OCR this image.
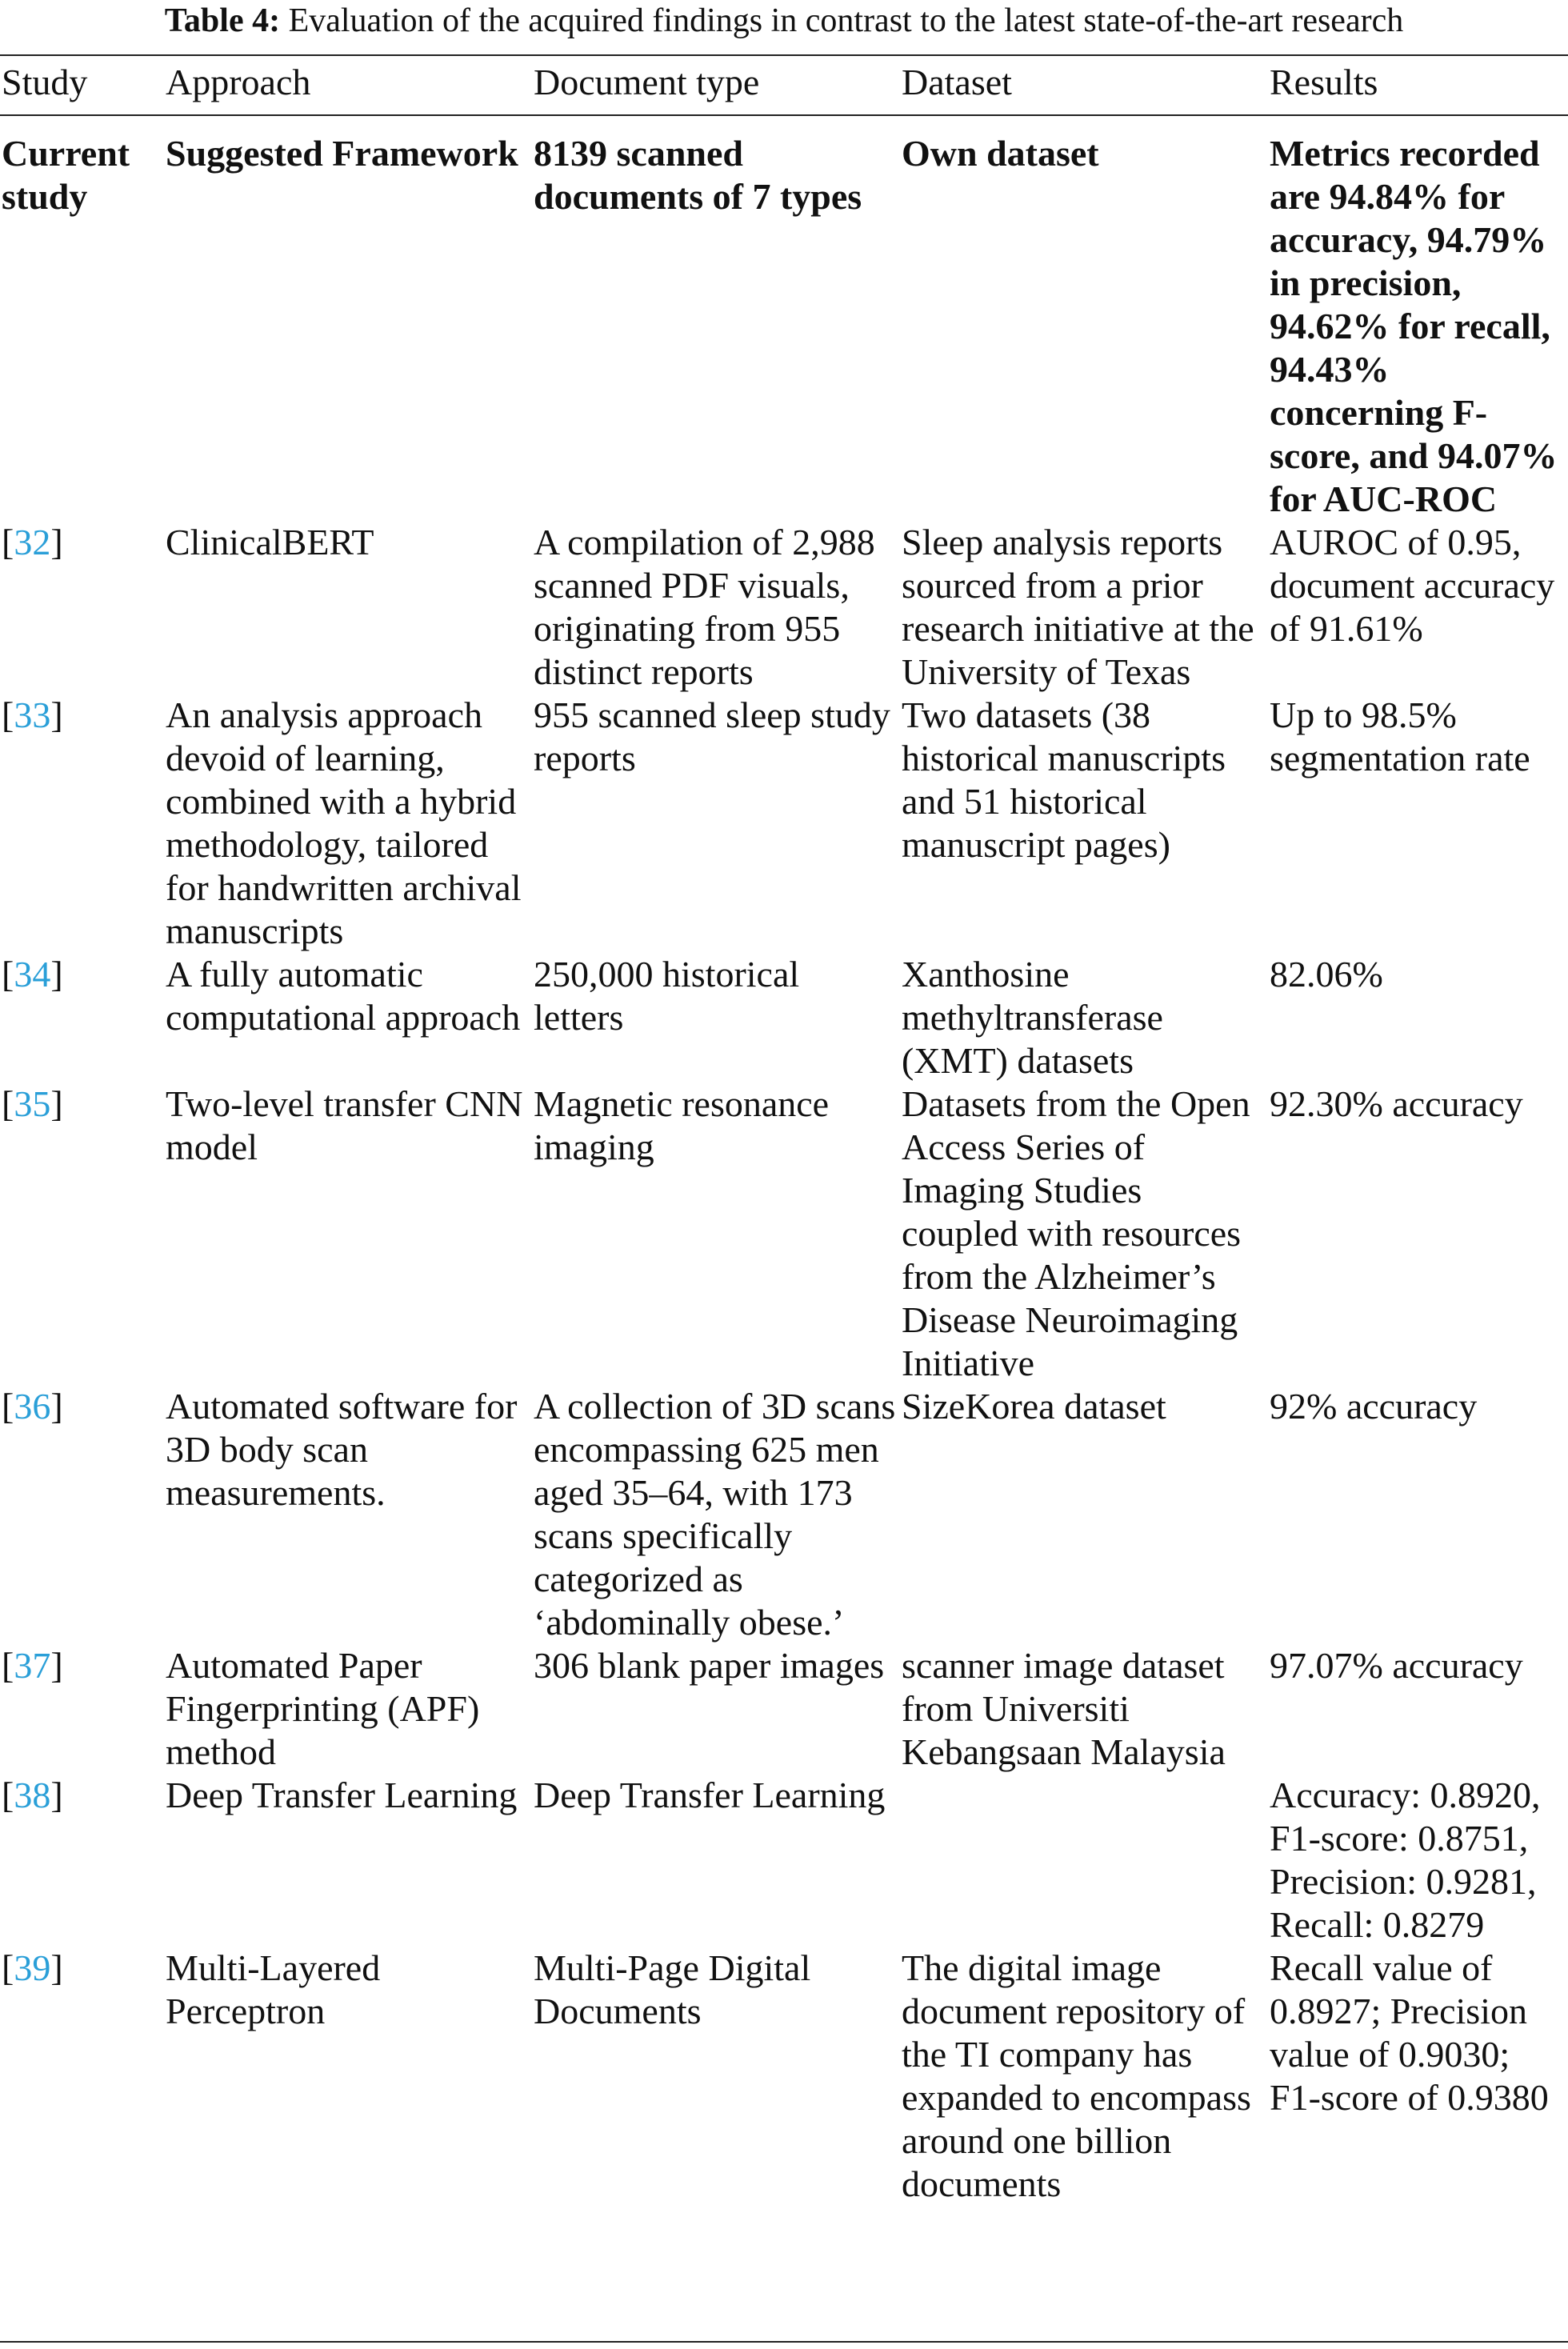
Table 4: Evaluation of the acquired findings in contrast to the latest state-of-the-art research
Study	Approach	Document type	Dataset	Results
Current study	Suggested Framework	8139 scanned documents of 7 types	Own dataset	Metrics recorded are 94.84% for accuracy, 94.79% in precision, 94.62% for recall, 94.43% concerning F-score, and 94.07% for AUC-ROC
[32]	ClinicalBERT	A compilation of 2,988 scanned PDF visuals, originating from 955 distinct reports	Sleep analysis reports sourced from a prior research initiative at the University of Texas	AUROC of 0.95, document accuracy of 91.61%
[33]	An analysis approach devoid of learning, combined with a hybrid methodology, tailored for handwritten archival manuscripts	955 scanned sleep study reports	Two datasets (38 historical manuscripts and 51 historical manuscript pages)	Up to 98.5% segmentation rate
[34]	A fully automatic computational approach	250,000 historical letters	Xanthosine methyltransferase (XMT) datasets	82.06%
[35]	Two-level transfer CNN model	Magnetic resonance imaging	Datasets from the Open Access Series of Imaging Studies coupled with resources from the Alzheimer’s Disease Neuroimaging Initiative	92.30% accuracy
[36]	Automated software for 3D body scan measurements.	A collection of 3D scans encompassing 625 men aged 35–64, with 173 scans specifically categorized as ‘abdominally obese.’	SizeKorea dataset	92% accuracy
[37]	Automated Paper Fingerprinting (APF) method	306 blank paper images	scanner image dataset from Universiti Kebangsaan Malaysia	97.07% accuracy
[38]	Deep Transfer Learning	Deep Transfer Learning		Accuracy: 0.8920, F1-score: 0.8751, Precision: 0.9281, Recall: 0.8279
[39]	Multi-Layered Perceptron	Multi-Page Digital Documents	The digital image document repository of the TI company has expanded to encompass around one billion documents	Recall value of 0.8927; Precision value of 0.9030; F1-score of 0.9380
